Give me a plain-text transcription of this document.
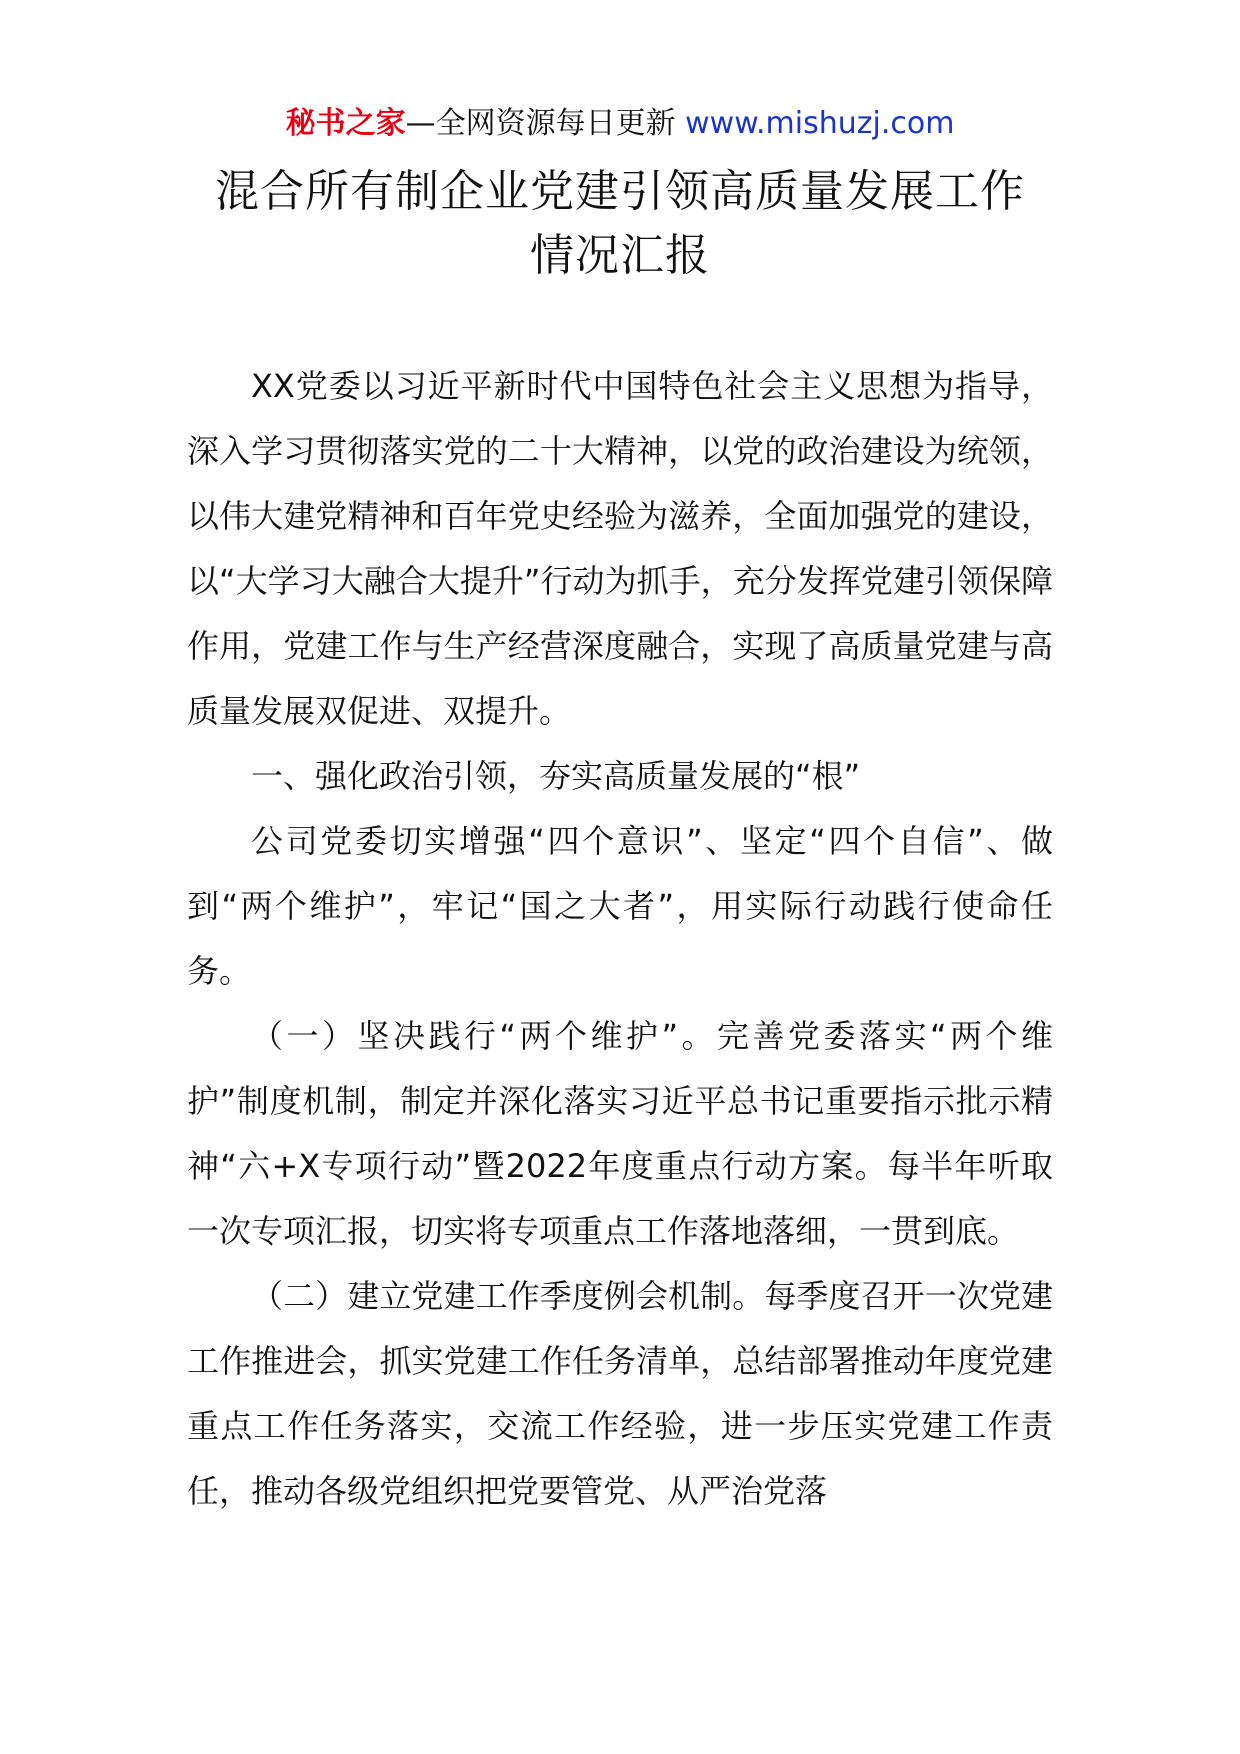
秘书之家—全网资源每日更新 www.mishuzj.com
混合所有制企业党建引领高质量发展工作
情况汇报

XX党委以习近平新时代中国特色社会主义思想为指导，深入学习贯彻落实党的二十大精神，以党的政治建设为统领，以伟大建党精神和百年党史经验为滋养，全面加强党的建设，以“大学习大融合大提升”行动为抓手，充分发挥党建引领保障作用，党建工作与生产经营深度融合，实现了高质量党建与高质量发展双促进、双提升。

一、强化政治引领，夯实高质量发展的“根”

公司党委切实增强“四个意识”、坚定“四个自信”、做到“两个维护”，牢记“国之大者”，用实际行动践行使命任务。

（一）坚决践行“两个维护”。完善党委落实“两个维护”制度机制，制定并深化落实习近平总书记重要指示批示精神“六+X专项行动”暨2022年度重点行动方案。每半年听取一次专项汇报，切实将专项重点工作落地落细，一贯到底。

（二）建立党建工作季度例会机制。每季度召开一次党建工作推进会，抓实党建工作任务清单，总结部署推动年度党建重点工作任务落实，交流工作经验，进一步压实党建工作责任，推动各级党组织把党要管党、从严治党落
